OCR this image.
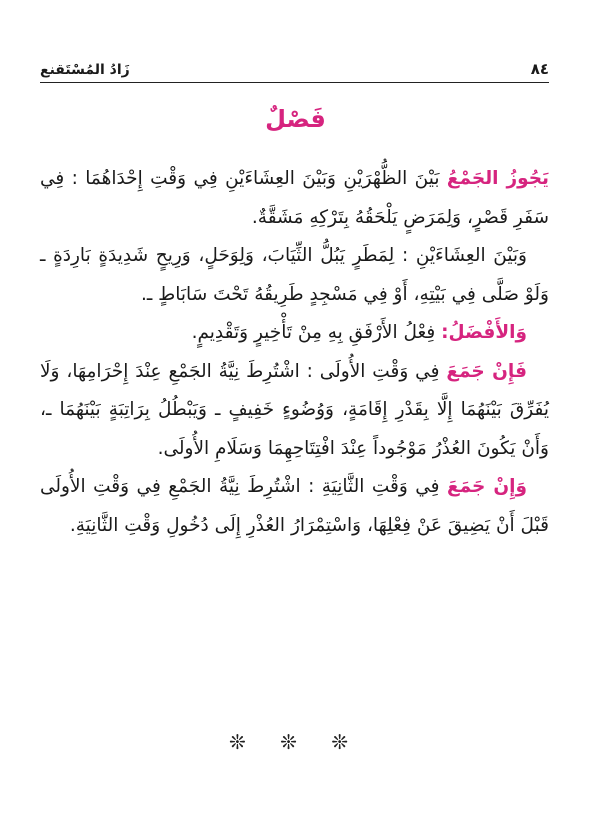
٨٤
زَادُ المُسْتَقنع
فَصْلٌ

يَجُوزُ الجَمْعُ بَيْنَ الظُّهْرَيْنِ وَبَيْنَ العِشَاءَيْنِ فِي وَقْتِ إِحْدَاهُمَا : فِي سَفَرِ قَصْرٍ، وَلِمَرَضٍ يَلْحَقُهُ بِتَرْكِهِ مَشَقَّةٌ.

وَبَيْنَ العِشَاءَيْنِ : لِمَطَرٍ يَبُلُّ الثِّيَابَ، وَلِوَحَلٍ، وَرِيحٍ شَدِيدَةٍ بَارِدَةٍ ـ وَلَوْ صَلَّى فِي بَيْتِهِ، أَوْ فِي مَسْجِدٍ طَرِيقُهُ تَحْتَ سَابَاطٍ ـ.

وَالأَفْضَلُ: فِعْلُ الأَرْفَقِ بِهِ مِنْ تَأْخِيرٍ وَتَقْدِيمٍ.

فَإِنْ جَمَعَ فِي وَقْتِ الأُولَى : اشْتُرِطَ نِيَّةُ الجَمْعِ عِنْدَ إِحْرَامِهَا، وَلَا يُفَرِّقَ بَيْنَهُمَا إِلَّا بِقَدْرِ إِقَامَةٍ، وَوُضُوءٍ خَفِيفٍ ـ وَيَبْطُلُ بِرَاتِبَةٍ بَيْنَهُمَا ـ، وَأَنْ يَكُونَ العُذْرُ مَوْجُوداً عِنْدَ افْتِتَاحِهِمَا وَسَلَامِ الأُولَى.

وَإِنْ جَمَعَ فِي وَقْتِ الثَّانِيَةِ : اشْتُرِطَ نِيَّةُ الجَمْعِ فِي وَقْتِ الأُولَى قَبْلَ أَنْ يَضِيقَ عَنْ فِعْلِهَا، وَاسْتِمْرَارُ العُذْرِ إِلَى دُخُولِ وَقْتِ الثَّانِيَةِ.

❊ ❊ ❊
